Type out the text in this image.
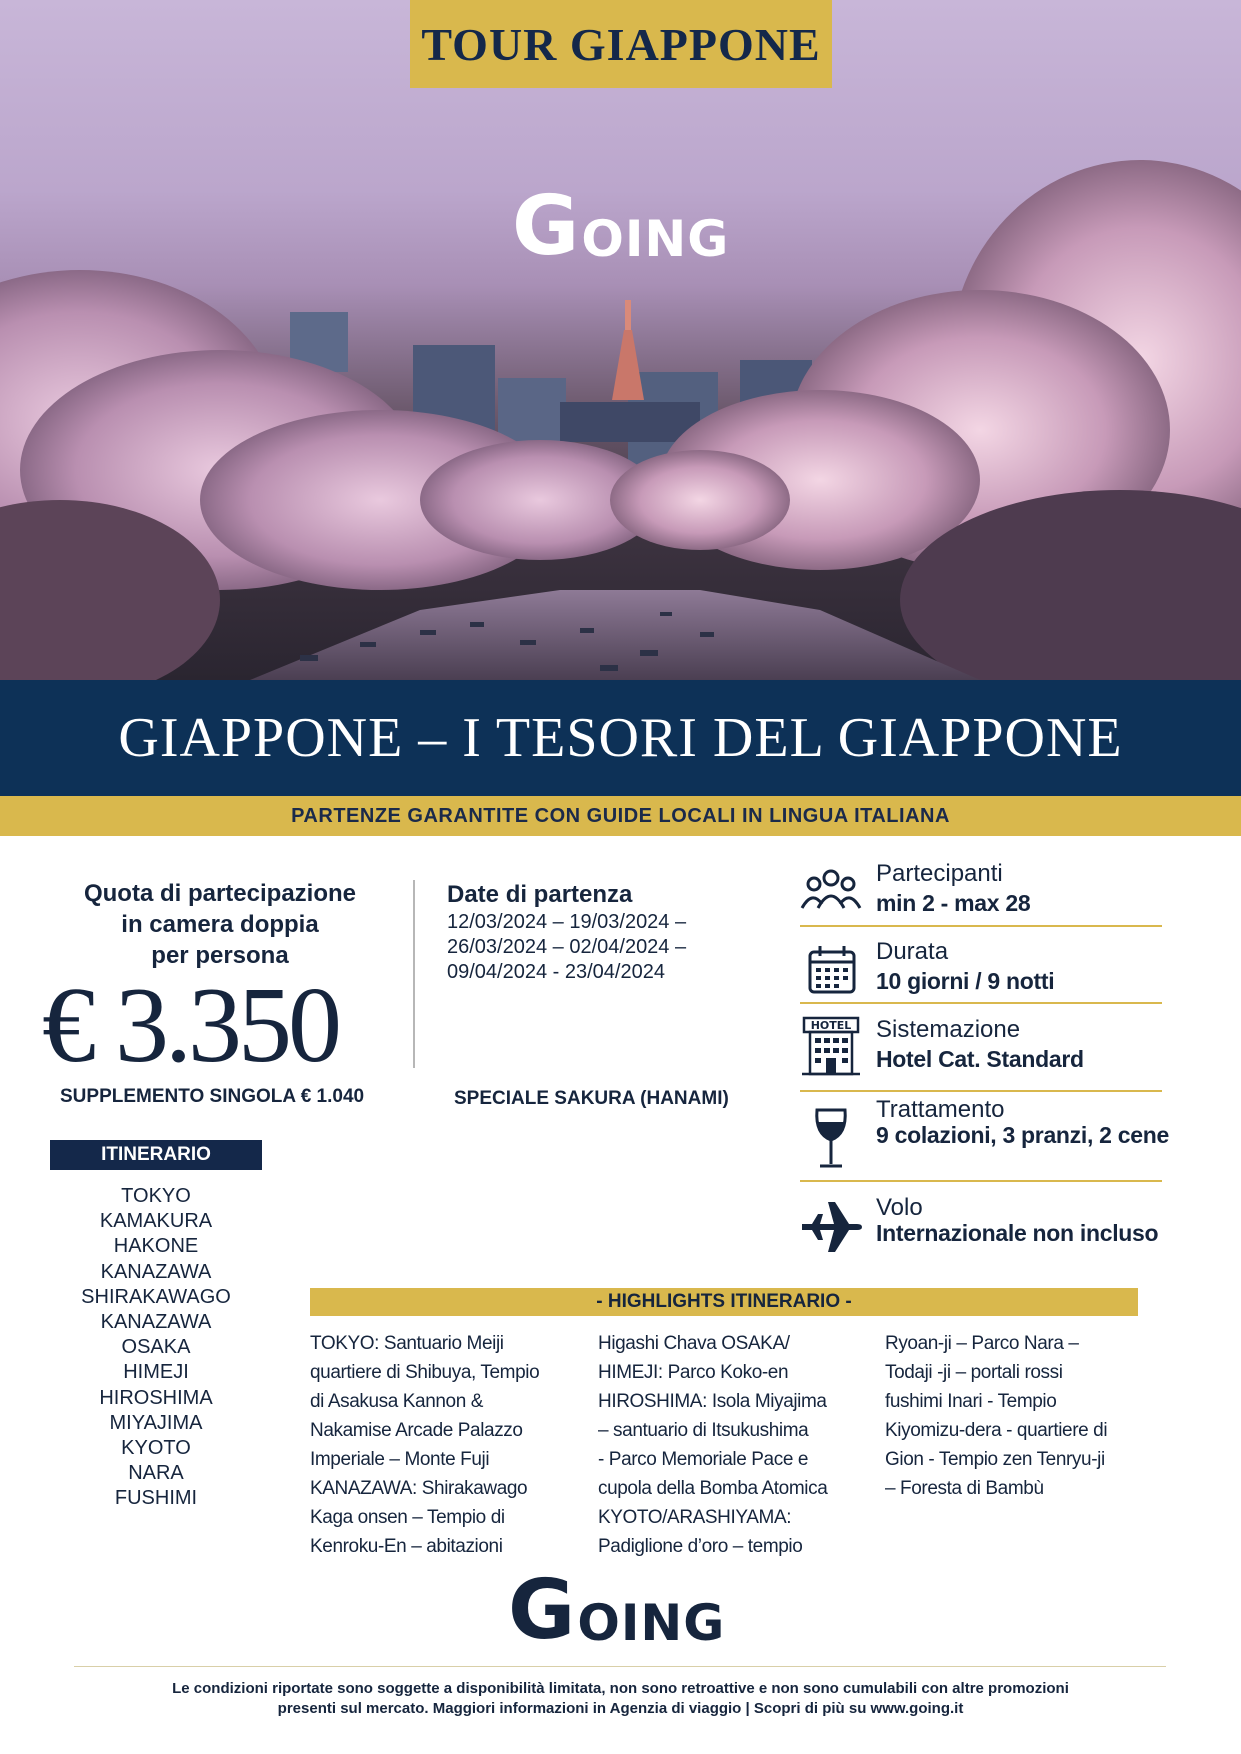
TOUR GIAPPONE
G OING
GIAPPONE – I TESORI DEL GIAPPONE
PARTENZE GARANTITE CON GUIDE LOCALI IN LINGUA ITALIANA
Quota di partecipazione
in camera doppia
per persona
€ 3.350
SUPPLEMENTO SINGOLA € 1.040
Date di partenza
12/03/2024 – 19/03/2024 –
26/03/2024 – 02/04/2024 –
09/04/2024 - 23/04/2024
SPECIALE SAKURA (HANAMI)
Partecipanti
min 2 - max 28
Durata
10 giorni / 9 notti
HOTEL Sistemazione
Hotel Cat. Standard
Trattamento
9 colazioni, 3 pranzi, 2 cene
Volo
Internazionale non incluso
ITINERARIO
TOKYO
KAMAKURA
HAKONE
KANAZAWA
SHIRAKAWAGO
KANAZAWA
OSAKA
HIMEJI
HIROSHIMA
MIYAJIMA
KYOTO
NARA
FUSHIMI
- HIGHLIGHTS ITINERARIO -
TOKYO: Santuario Meiji
quartiere di Shibuya, Tempio
di Asakusa Kannon &
Nakamise Arcade Palazzo
Imperiale – Monte Fuji
KANAZAWA: Shirakawago
Kaga onsen – Tempio di
Kenroku-En – abitazioni
Higashi Chava OSAKA/
HIMEJI: Parco Koko-en
HIROSHIMA: Isola Miyajima
– santuario di Itsukushima
- Parco Memoriale Pace e
cupola della Bomba Atomica
KYOTO/ARASHIYAMA:
Padiglione d’oro – tempio
Ryoan-ji – Parco Nara –
Todaji -ji – portali rossi
fushimi Inari - Tempio
Kiyomizu-dera - quartiere di
Gion - Tempio zen Tenryu-ji
– Foresta di Bambù
G OING
Le condizioni riportate sono soggette a disponibilità limitata, non sono retroattive e non sono cumulabili con altre promozioni
presenti sul mercato. Maggiori informazioni in Agenzia di viaggio | Scopri di più su www.going.it
